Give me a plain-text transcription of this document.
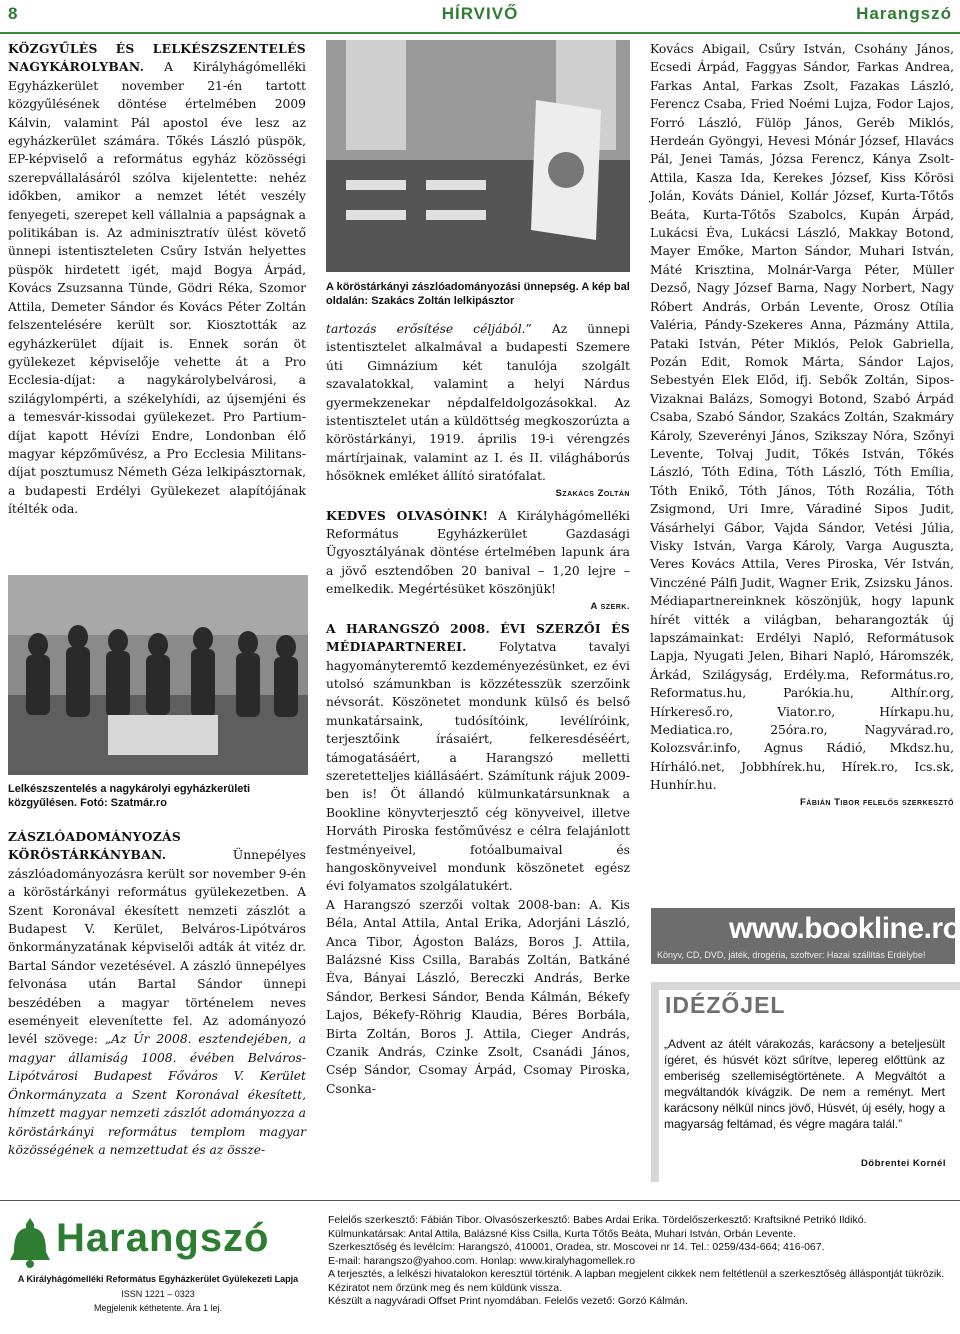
8	HÍRVIVŐ	Harangszó

KÖZGYŰLÉS ÉS LELKÉSZSZENTELÉS NAGYKÁROLYBAN. A Királyhágómelléki Egyházkerület november 21-én tartott közgyűlésének döntése értelmében 2009 Kálvin, valamint Pál apostol éve lesz az egyházkerület számára. Tőkés László püspök, EP-képviselő a református egyház közösségi szerepvállalásáról szólva kijelentette: nehéz időkben, amikor a nemzet létét veszély fenyegeti, szerepet kell vállalnia a papságnak a politikában is. Az adminisztratív ülést követő ünnepi istentiszteleten Csűry István helyettes püspök hirdetett igét, majd Bogya Árpád, Kovács Zsuzsanna Tünde, Gödri Réka, Szomor Attila, Demeter Sándor és Kovács Péter Zoltán felszentelésére került sor. Kiosztották az egyházkerület díjait is. Ennek során öt gyülekezet képviselője vehette át a Pro Ecclesia-díjat: a nagykárolybelvárosi, a szilágylompérti, a székelyhídi, az újsemjéni és a temesvár-kissodai gyülekezet. Pro Partium-díjat kapott Hévízi Endre, Londonban élő magyar képzőművész, a Pro Ecclesia Militans-díjat posztumusz Németh Géza lelkipásztornak, a budapesti Erdélyi Gyülekezet alapítójának ítélték oda.

Lelkészszentelés a nagykárolyi egyházkerületi közgyűlésen. Fotó: Szatmár.ro

ZÁSZLÓADOMÁNYOZÁS KÖRÖSTÁRKÁNYBAN. Ünnepélyes zászlóadományozásra került sor november 9-én a köröstárkányi református gyülekezetben. A Szent Koronával ékesített nemzeti zászlót a Budapest V. Kerület, Belváros-Lipótváros önkormányzatának képviselői adták át vitéz dr. Bartal Sándor vezetésével. A zászló ünnepélyes felvonása után Bartal Sándor ünnepi beszédében a magyar történelem neves eseményeit elevenítette fel. Az adományozó levél szövege: „Az Úr 2008. esztendejében, a magyar államiság 1008. évében Belváros-Lipótvárosi Budapest Főváros V. Kerület Önkormányzata a Szent Koronával ékesített, hímzett magyar nemzeti zászlót adományozza a köröstárkányi református templom magyar közösségének a nemzettudat és az össze-

A köröstárkányi zászlóadományozási ünnepség. A kép bal oldalán: Szakács Zoltán lelkipásztor

tartozás erősítése céljából.” Az ünnepi istentisztelet alkalmával a budapesti Szemere úti Gimnázium két tanulója szolgált szavalatokkal, valamint a helyi Nárdus gyermekzenekar népdalfeldolgozásokkal. Az istentisztelet után a küldöttség megkoszorúzta a köröstárkányi, 1919. április 19-i vérengzés mártírjainak, valamint az I. és II. világháborús hősöknek emléket állító siratófalat.

Szakács Zoltán

KEDVES OLVASÓINK! A Királyhágómelléki Református Egyházkerület Gazdasági Ügyosztályának döntése értelmében lapunk ára a jövő esztendőben 20 banival – 1,20 lejre – emelkedik. Megértésüket köszönjük!

A szerk.

A HARANGSZÓ 2008. ÉVI SZERZŐI ÉS MÉDIAPARTNEREI. Folytatva tavalyi hagyományteremtő kezdeményezésünket, ez évi utolsó számunkban is közzétesszük szerzőink névsorát. Köszönetet mondunk külső és belső munkatársaink, tudósítóink, levélíróink, terjesztőink írásaiért, felkeresdéséért, támogatásáért, a Harangszó melletti szeretetteljes kiállásáért. Számítunk rájuk 2009-ben is! Öt állandó külmunkatársunknak a Bookline könyvterjesztő cég könyveivel, illetve Horváth Piroska festőművész e célra felajánlott festményeivel, fotóalbumaival és hangoskönyveivel mondunk köszönetet egész évi folyamatos szolgálatukért.

A Harangszó szerzői voltak 2008-ban: A. Kis Béla, Antal Attila, Antal Erika, Adorjáni László, Anca Tibor, Ágoston Balázs, Boros J. Attila, Balázsné Kiss Csilla, Barabás Zoltán, Batkáné Éva, Bányai László, Bereczki András, Berke Sándor, Berkesi Sándor, Benda Kálmán, Békefy Lajos, Békefy-Röhrig Klaudia, Béres Borbála, Birta Zoltán, Boros J. Attila, Cieger András, Czanik András, Czinke Zsolt, Csanádi János, Csép Sándor, Csomay Árpád, Csomay Piroska, Csonka-

Kovács Abigail, Csűry István, Csohány János, Ecsedi Árpád, Faggyas Sándor, Farkas Andrea, Farkas Antal, Farkas Zsolt, Fazakas László, Ferencz Csaba, Fried Noémi Lujza, Fodor Lajos, Forró László, Fülöp János, Geréb Miklós, Herdeán Gyöngyi, Hevesi Mónár József, Hlavács Pál, Jenei Tamás, Józsa Ferencz, Kánya Zsolt-Attila, Kasza Ida, Kerekes József, Kiss Kőrösi Jolán, Kováts Dániel, Kollár József, Kurta-Tőtős Beáta, Kurta-Tőtős Szabolcs, Kupán Árpád, Lukácsi Éva, Lukácsi László, Makkay Botond, Mayer Emőke, Marton Sándor, Muhari István, Máté Krisztina, Molnár-Varga Péter, Müller Dezső, Nagy József Barna, Nagy Norbert, Nagy Róbert András, Orbán Levente, Orosz Otília Valéria, Pándy-Szekeres Anna, Pázmány Attila, Pataki István, Péter Miklós, Pelok Gabriella, Pozán Edit, Romok Márta, Sándor Lajos, Sebestyén Elek Előd, ifj. Sebők Zoltán, Sipos-Vizaknai Balázs, Somogyi Botond, Szabó Árpád Csaba, Szabó Sándor, Szakács Zoltán, Szakmáry Károly, Szeverényi János, Szikszay Nóra, Szőnyi Levente, Tolvaj Judit, Tőkés István, Tőkés László, Tóth Edina, Tóth László, Tóth Emília, Tóth Enikő, Tóth János, Tóth Rozália, Tóth Zsigmond, Uri Imre, Váradiné Sipos Judit, Vásárhelyi Gábor, Vajda Sándor, Vetési Júlia, Visky István, Varga Károly, Varga Augusztа, Veres Kovács Attila, Veres Piroska, Vér István, Vinczéné Pálfi Judit, Wagner Erik, Zsizsku János.

Médiapartnereinknek köszönjük, hogy lapunk hírét vitték a világban, beharangozták új lapszámainkat: Erdélyi Napló, Reformátusok Lapja, Nyugati Jelen, Bihari Napló, Háromszék, Árkád, Szilágyság, Erdély.ma, Református.ro, Reformatus.hu, Parókia.hu, Althír.org, Hírkereső.ro, Viator.ro, Hírkapu.hu, Mediatica.ro, 25óra.ro, Nagyvárad.ro, Kolozsvár.info, Agnus Rádió, Mkdsz.hu, Hírháló.net, Jobbhírek.hu, Hírek.ro, Ics.sk, Hunhír.hu.

Fábián Tibor felelős szerkesztő
www.bookline.ro
Könyv, CD, DVD, játék, drogéria, szoftver: Hazai szállítás Erdélybe!
IDÉZŐJEL
„Advent az átélt várakozás, karácsony a beteljesült ígéret, és húsvét közt sűrítve, lepereg előttünk az emberiség szellemiségtörténete. A Megváltót a megváltandók kívágzik. De nem a reményt. Mert karácsony nélkül nincs jövő, Húsvét, új esély, hogy a magyarság feltámad, és végre magára talál.”
Döbrentei Kornél
Harangszó
A Királyhágómelléki Református Egyházkerület Gyülekezeti Lapja
ISSN 1221 – 0323
Megjelenik kéthetente. Ára 1 lej.

Felelős szerkesztő: Fábián Tibor. Olvasószerkesztő: Babes Ardai Erika. Tördelőszerkesztő: Kraftsikné Petrikó Ildikó.

Külmunkatársak: Antal Attila, Balázsné Kiss Csilla, Kurta Tőtős Beáta, Muhari István, Orbán Levente.

Szerkesztőség és levélcím: Harangszó, 410001, Oradea, str. Moscovei nr 14. Tel.: 0259/434-664; 416-067.

E-mail: harangszo@yahoo.com. Honlap: www.kiralyhagomellek.ro

A terjesztés, a lelkészi hivatalokon keresztül történik. A lapban megjelent cikkek nem feltétlenül a szerkesztőség álláspontját tükrözik. Kéziratot nem őrzünk meg és nem küldünk vissza.

Készült a nagyváradi Offset Print nyomdában. Felelős vezető: Gorzó Kálmán.
